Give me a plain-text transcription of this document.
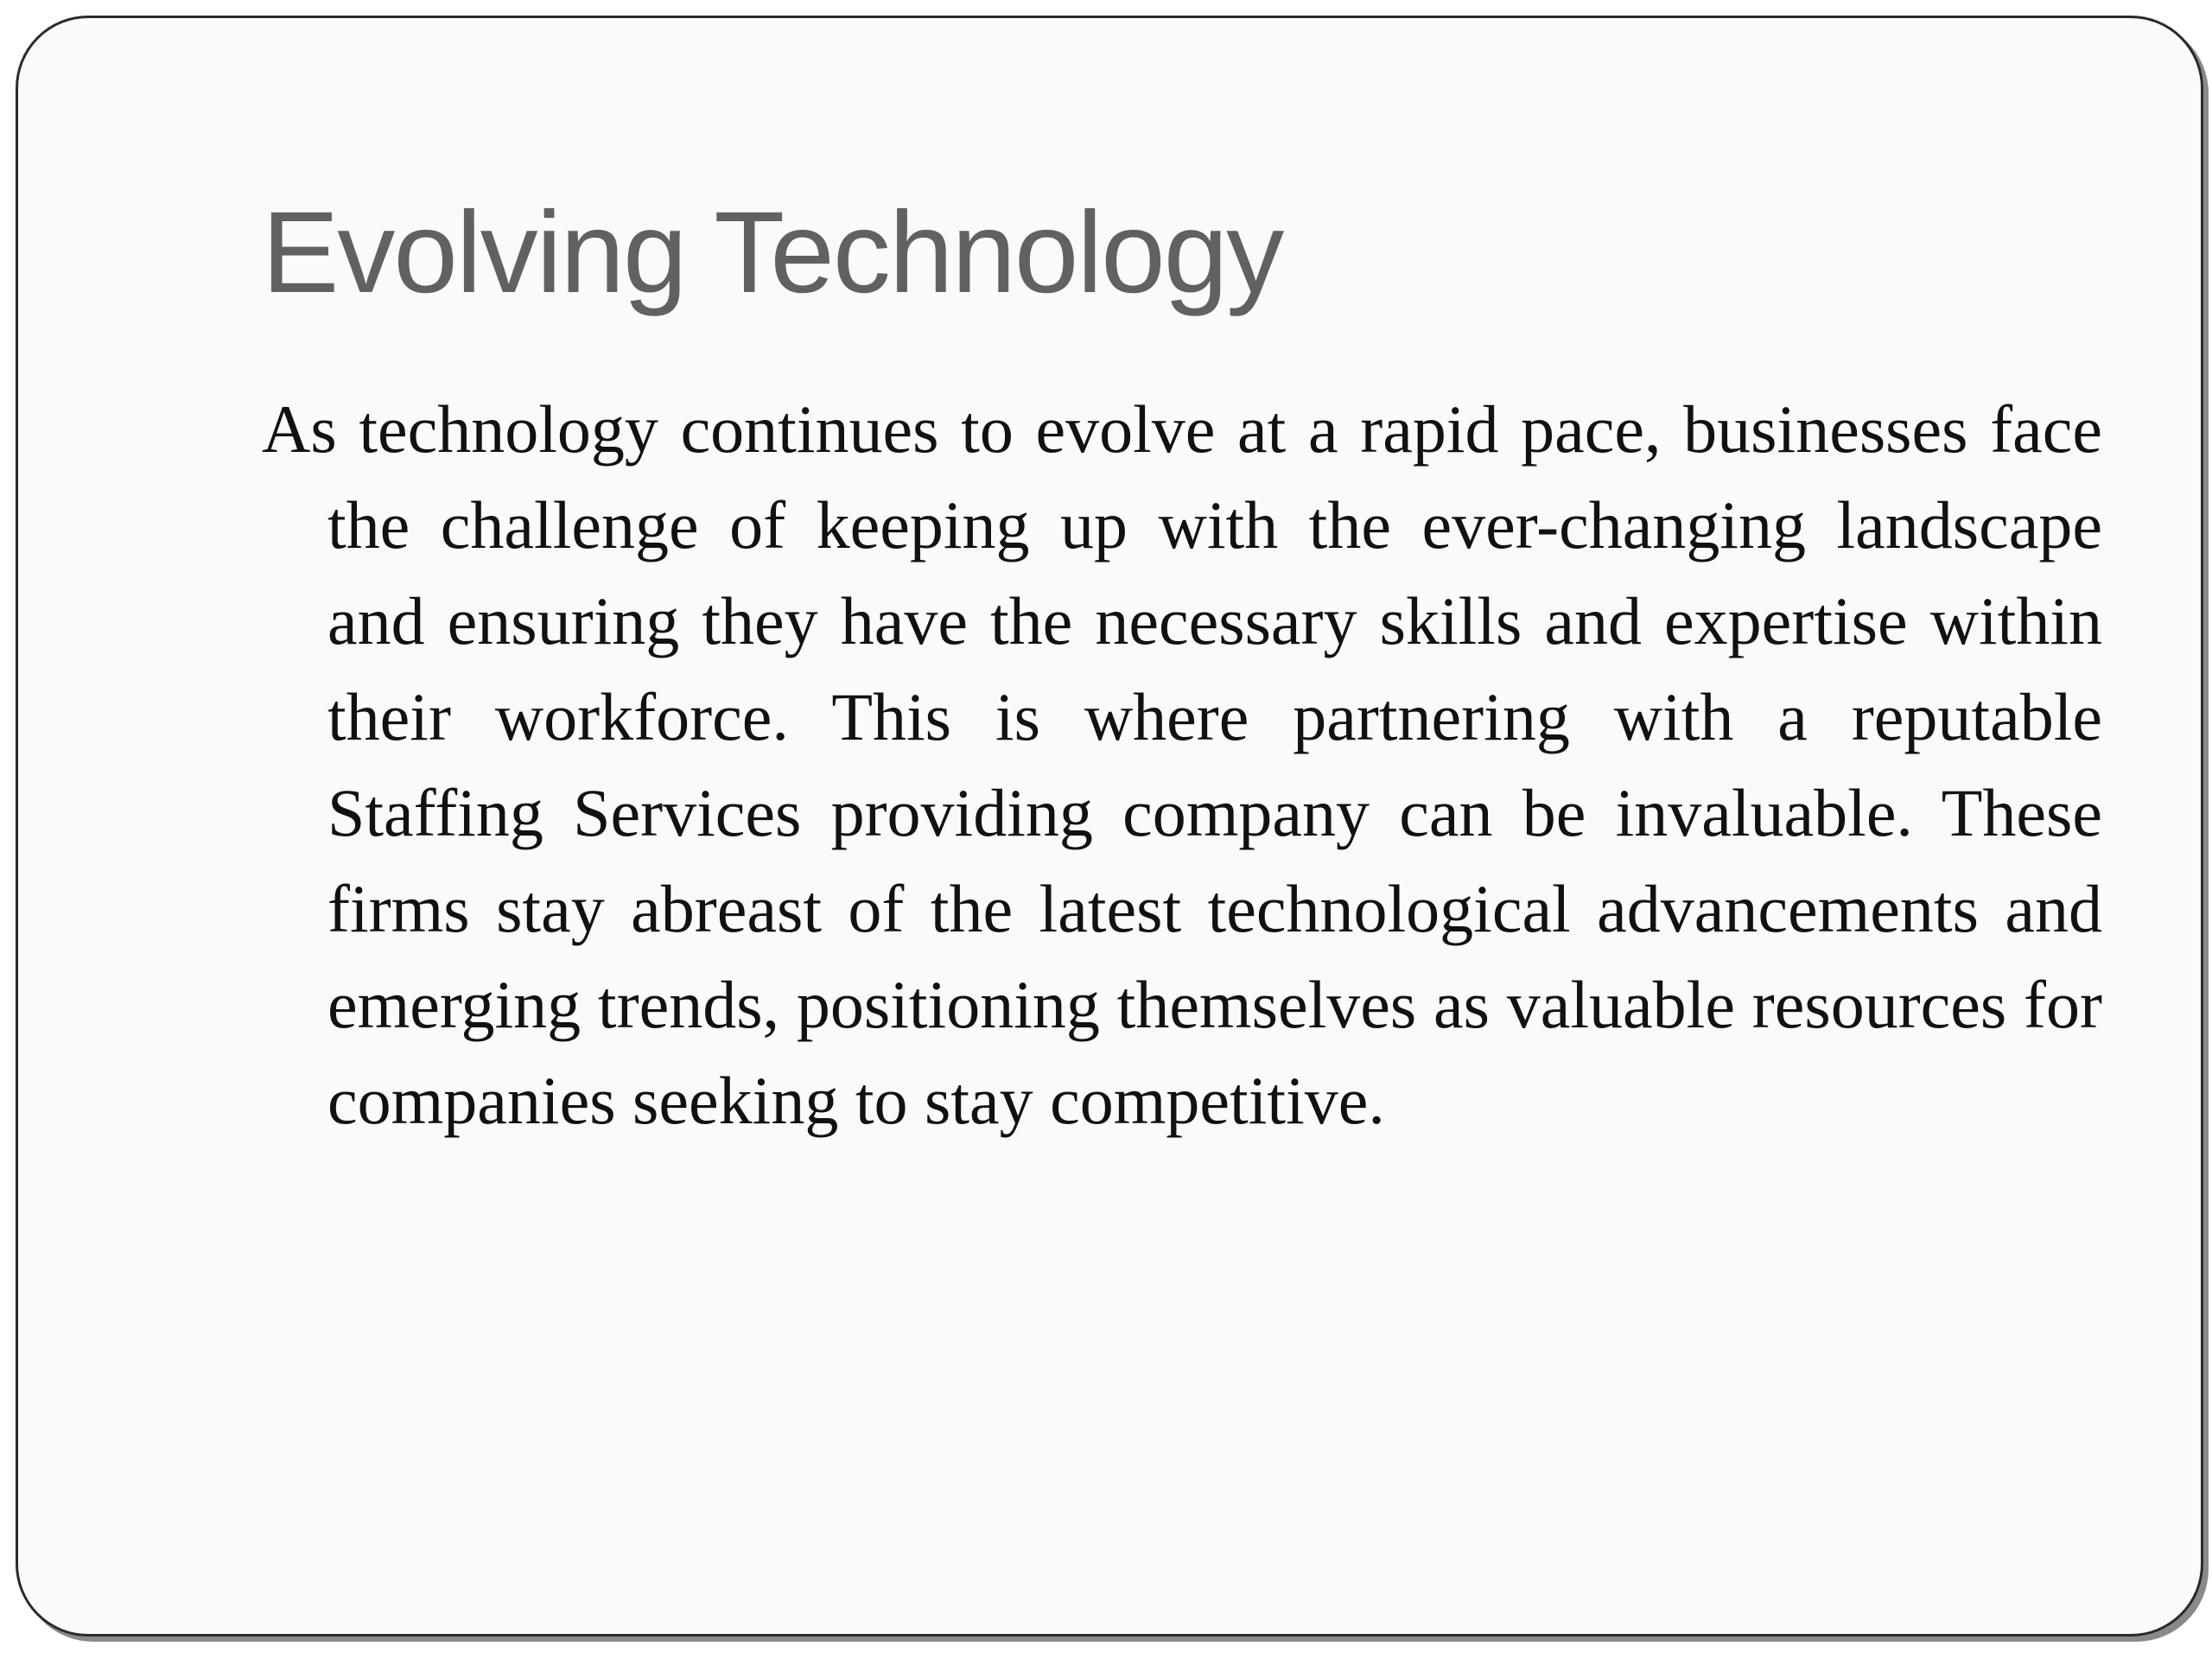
Evolving Technology

As technology continues to evolve at a rapid pace, businesses face the challenge of keeping up with the ever-changing landscape and ensuring they have the necessary skills and expertise within their workforce. This is where partnering with a reputable Staffing Services providing company can be invaluable. These firms stay abreast of the latest technological advancements and emerging trends, positioning themselves as valuable resources for companies seeking to stay competitive.
